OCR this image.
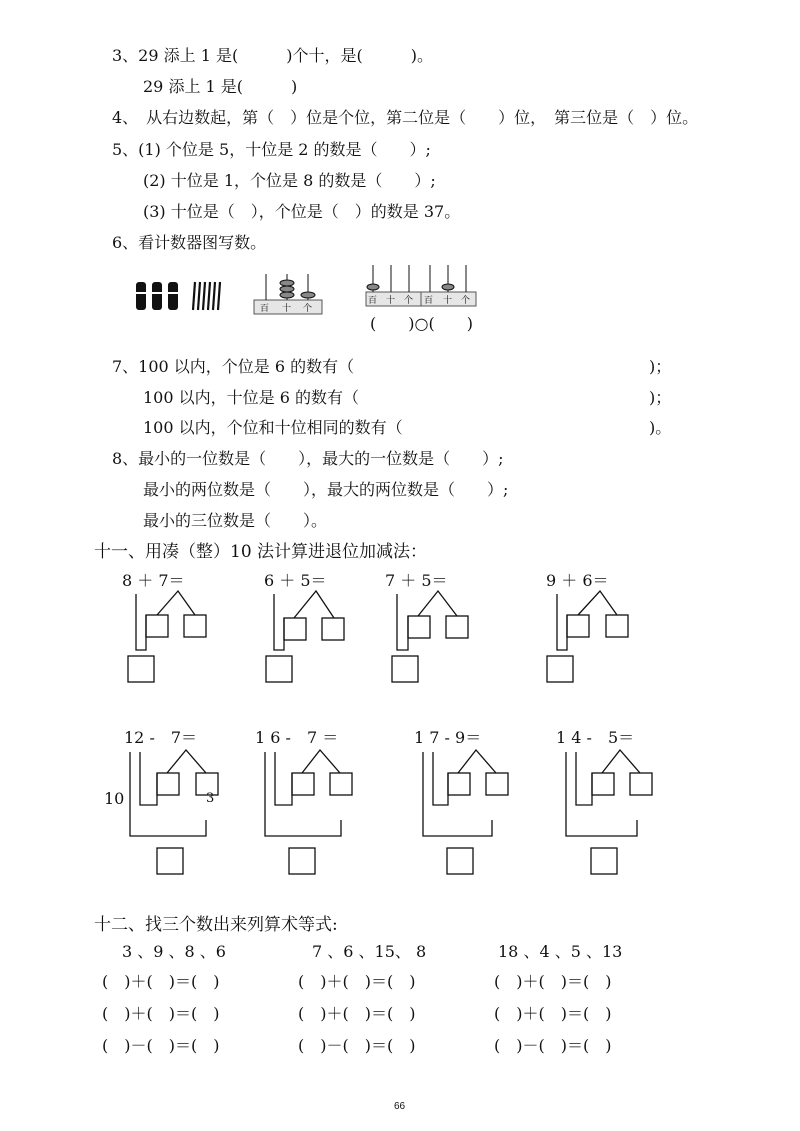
3、29 添上 1 是(　　　)个十，是(　　　)。
29 添上 1 是(　　　)
4、　从右边数起，第（　）位是个位，第二位是（　　）位，　第三位是（　）位。
5、(1) 个位是 5，十位是 2 的数是（　　）;
(2) 十位是 1，个位是 8 的数是（　　）;
(3) 十位是（　），个位是（　）的数是 37。
6、看计数器图写数。
百 十 个
百 十 个 百 十 个
(　　)○(　　)
7、100 以内，个位是 6 的数有（	)；
100 以内，十位是 6 的数有（	)；
100 以内，个位和十位相同的数有（	)。
8、最小的一位数是（　　），最大的一位数是（　　）;
最小的两位数是（　　），最大的两位数是（　　）;
最小的三位数是（　　）。
十一、用凑（整）10 法计算进退位加减法：
8 ＋ 7＝	6 ＋ 5＝	7 ＋ 5＝	9 ＋ 6＝
12 -　7＝	1 6 -　7 ＝	1 7 - 9＝	1 4 -　5＝
10	3
十二、找三个数出来列算术等式:
3 、9 、8 、6	7 、6 、15、 8	18 、4 、5 、13
(　)＋(　)＝(　)	(　)＋(　)＝(　)	(　)＋(　)＝(　)
(　)＋(　)＝(　)	(　)＋(　)＝(　)	(　)＋(　)＝(　)
(　)－(　)＝(　)	(　)－(　)＝(　)	(　)－(　)＝(　)
66
